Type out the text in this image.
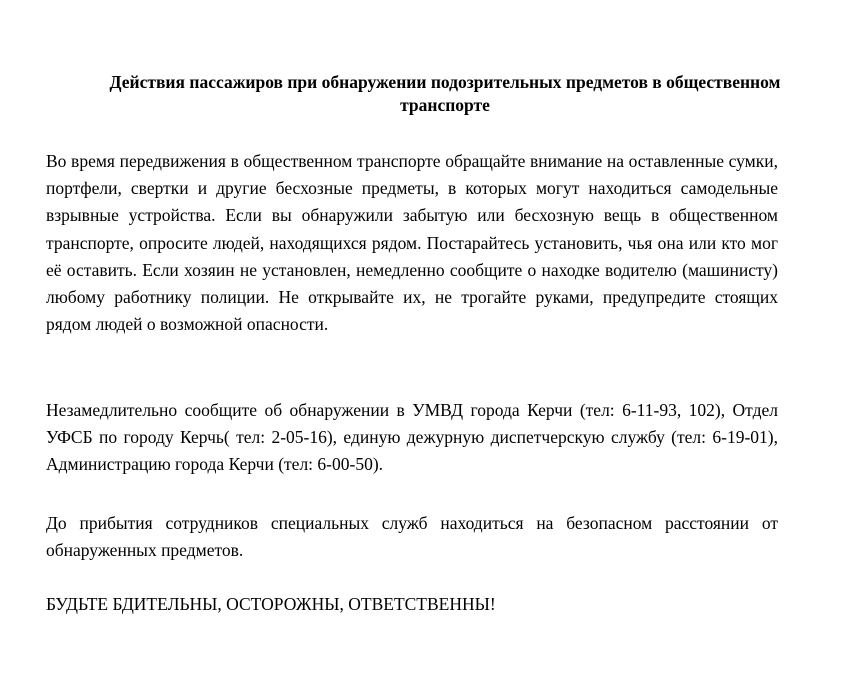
Действия пассажиров при обнаружении подозрительных предметов в общественном транспорте

Во время передвижения в общественном транспорте обращайте внимание на оставленные сумки, портфели, свертки и другие бесхозные предметы, в которых могут находиться самодельные взрывные устройства. Если вы обнаружили забытую или бесхозную вещь в общественном транспорте, опросите людей, находящихся рядом. Постарайтесь установить, чья она или кто мог её оставить. Если хозяин не установлен, немедленно сообщите о находке водителю (машинисту) любому работнику полиции. Не открывайте их, не трогайте руками, предупредите стоящих рядом людей о возможной опасности.

Незамедлительно сообщите об обнаружении в УМВД города Керчи (тел: 6-11-93, 102), Отдел УФСБ по городу Керчь( тел: 2-05-16), единую дежурную диспетчерскую службу (тел: 6-19-01), Администрацию города Керчи (тел: 6-00-50).

До прибытия сотрудников специальных служб находиться на безопасном расстоянии от обнаруженных предметов.

БУДЬТЕ БДИТЕЛЬНЫ, ОСТОРОЖНЫ, ОТВЕТСТВЕННЫ!
